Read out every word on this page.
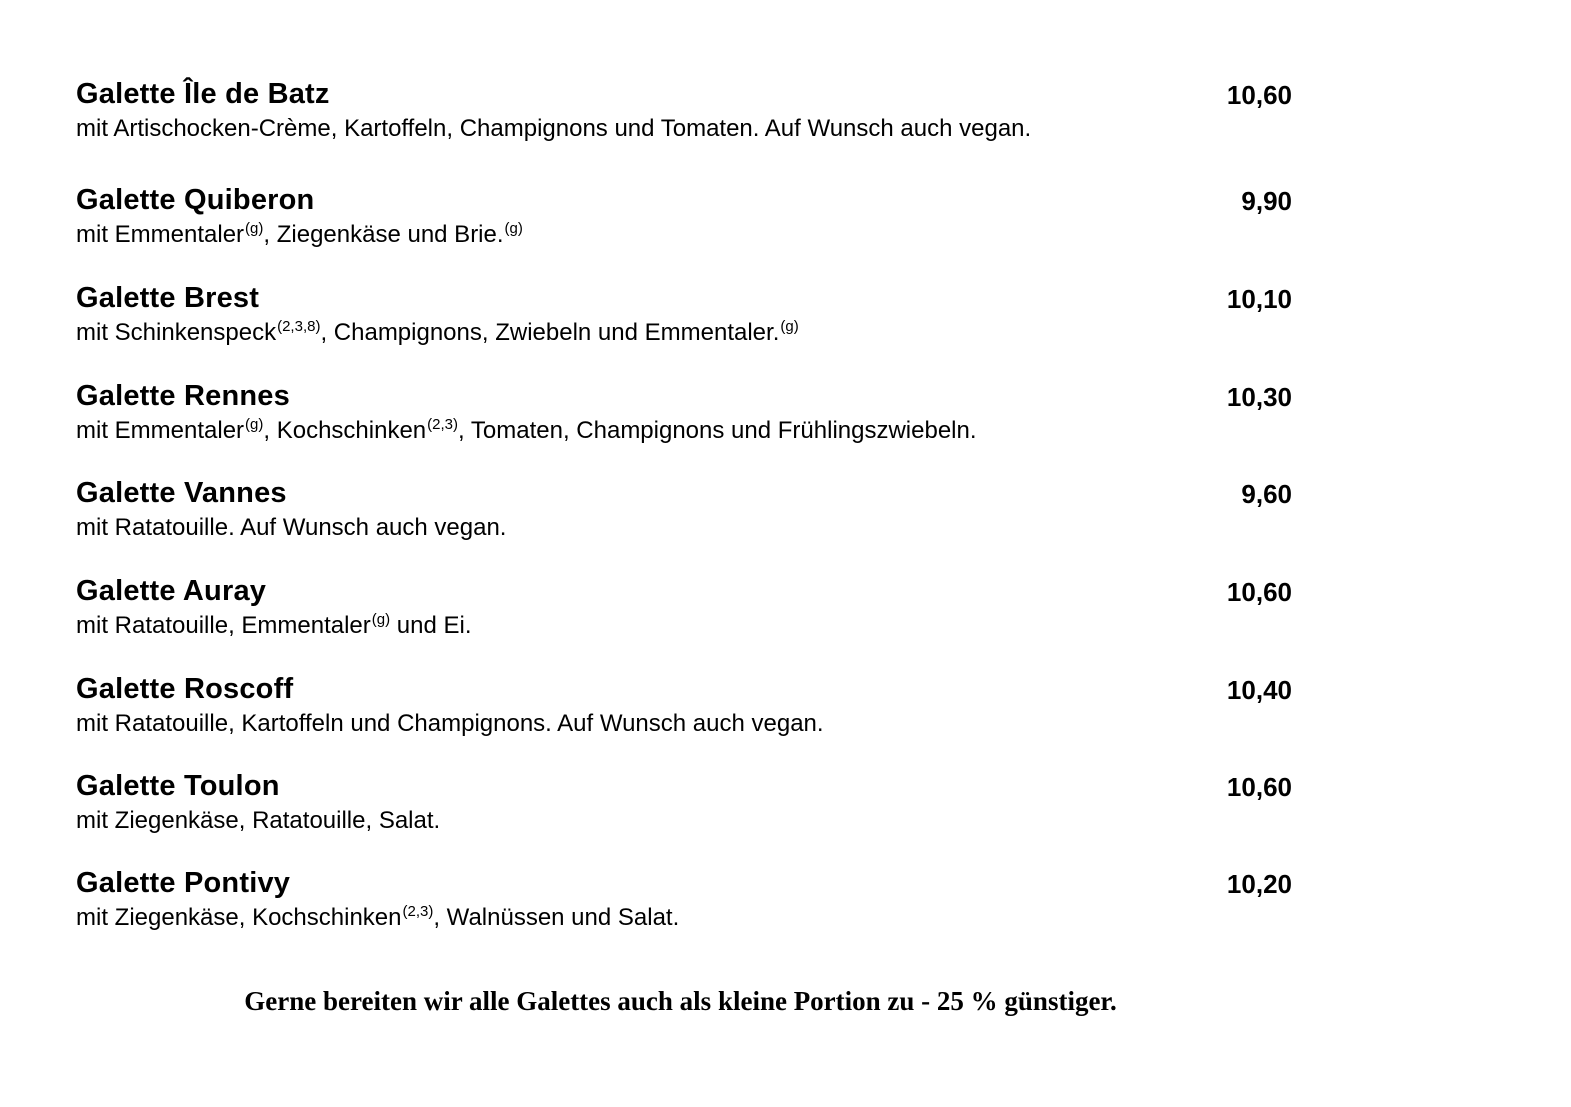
Galette Île de Batz	10,60
mit Artischocken-Crème, Kartoffeln, Champignons und Tomaten. Auf Wunsch auch vegan.
Galette Quiberon	9,90
mit Emmentaler$^{(g)}$, Ziegenkäse und Brie.$^{(g)}$
Galette Brest	10,10
mit Schinkenspeck$^{(2,3,8)}$, Champignons, Zwiebeln und Emmentaler.$^{(g)}$
Galette Rennes	10,30
mit Emmentaler$^{(g)}$, Kochschinken$^{(2,3)}$, Tomaten, Champignons und Frühlingszwiebeln.
Galette Vannes	9,60
mit Ratatouille. Auf Wunsch auch vegan.
Galette Auray	10,60
mit Ratatouille, Emmentaler$^{(g)}$ und Ei.
Galette Roscoff	10,40
mit Ratatouille, Kartoffeln und Champignons. Auf Wunsch auch vegan.
Galette Toulon	10,60
mit Ziegenkäse, Ratatouille, Salat.
Galette Pontivy	10,20
mit Ziegenkäse, Kochschinken$^{(2,3)}$, Walnüssen und Salat.
Gerne bereiten wir alle Galettes auch als kleine Portion zu - 25 % günstiger.
